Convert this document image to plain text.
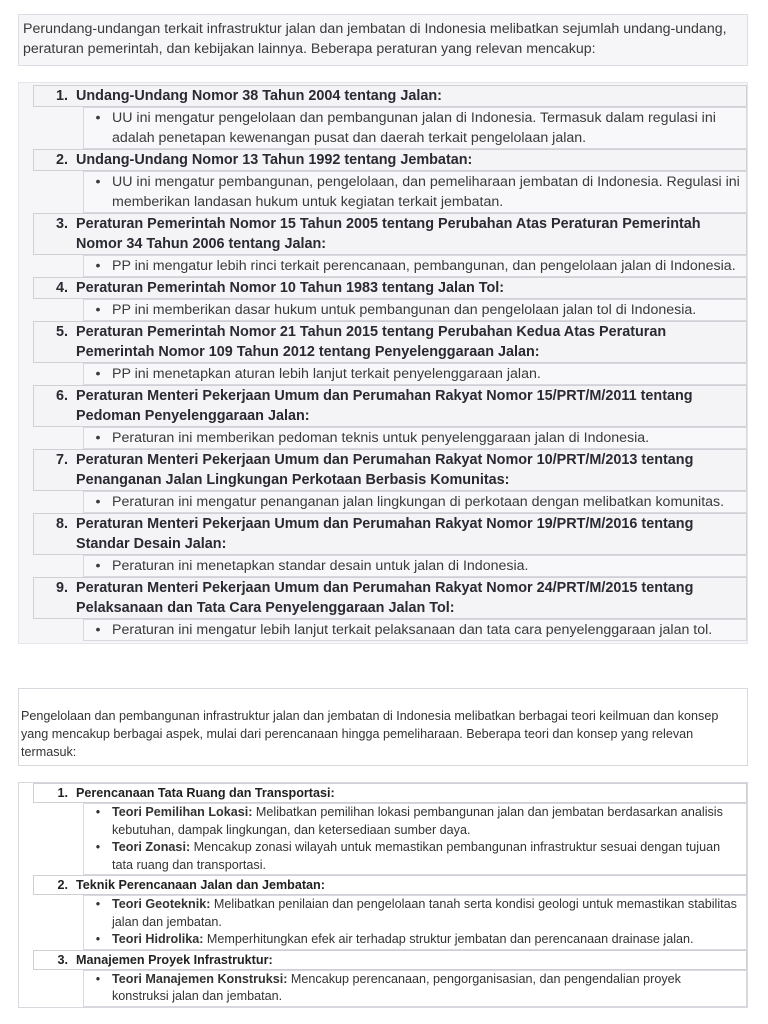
Perundang-undangan terkait infrastruktur jalan dan jembatan di Indonesia melibatkan sejumlah undang-undang, peraturan pemerintah, dan kebijakan lainnya. Beberapa peraturan yang relevan mencakup:
1. Undang-Undang Nomor 38 Tahun 2004 tentang Jalan:
• UU ini mengatur pengelolaan dan pembangunan jalan di Indonesia. Termasuk dalam regulasi ini adalah penetapan kewenangan pusat dan daerah terkait pengelolaan jalan.
2. Undang-Undang Nomor 13 Tahun 1992 tentang Jembatan:
• UU ini mengatur pembangunan, pengelolaan, dan pemeliharaan jembatan di Indonesia. Regulasi ini memberikan landasan hukum untuk kegiatan terkait jembatan.
3. Peraturan Pemerintah Nomor 15 Tahun 2005 tentang Perubahan Atas Peraturan Pemerintah Nomor 34 Tahun 2006 tentang Jalan:
• PP ini mengatur lebih rinci terkait perencanaan, pembangunan, dan pengelolaan jalan di Indonesia.
4. Peraturan Pemerintah Nomor 10 Tahun 1983 tentang Jalan Tol:
• PP ini memberikan dasar hukum untuk pembangunan dan pengelolaan jalan tol di Indonesia.
5. Peraturan Pemerintah Nomor 21 Tahun 2015 tentang Perubahan Kedua Atas Peraturan Pemerintah Nomor 109 Tahun 2012 tentang Penyelenggaraan Jalan:
• PP ini menetapkan aturan lebih lanjut terkait penyelenggaraan jalan.
6. Peraturan Menteri Pekerjaan Umum dan Perumahan Rakyat Nomor 15/PRT/M/2011 tentang Pedoman Penyelenggaraan Jalan:
• Peraturan ini memberikan pedoman teknis untuk penyelenggaraan jalan di Indonesia.
7. Peraturan Menteri Pekerjaan Umum dan Perumahan Rakyat Nomor 10/PRT/M/2013 tentang Penanganan Jalan Lingkungan Perkotaan Berbasis Komunitas:
• Peraturan ini mengatur penanganan jalan lingkungan di perkotaan dengan melibatkan komunitas.
8. Peraturan Menteri Pekerjaan Umum dan Perumahan Rakyat Nomor 19/PRT/M/2016 tentang Standar Desain Jalan:
• Peraturan ini menetapkan standar desain untuk jalan di Indonesia.
9. Peraturan Menteri Pekerjaan Umum dan Perumahan Rakyat Nomor 24/PRT/M/2015 tentang Pelaksanaan dan Tata Cara Penyelenggaraan Jalan Tol:
• Peraturan ini mengatur lebih lanjut terkait pelaksanaan dan tata cara penyelenggaraan jalan tol.
Pengelolaan dan pembangunan infrastruktur jalan dan jembatan di Indonesia melibatkan berbagai teori keilmuan dan konsep yang mencakup berbagai aspek, mulai dari perencanaan hingga pemeliharaan. Beberapa teori dan konsep yang relevan termasuk:
1. Perencanaan Tata Ruang dan Transportasi:
• Teori Pemilihan Lokasi: Melibatkan pemilihan lokasi pembangunan jalan dan jembatan berdasarkan analisis kebutuhan, dampak lingkungan, dan ketersediaan sumber daya.
• Teori Zonasi: Mencakup zonasi wilayah untuk memastikan pembangunan infrastruktur sesuai dengan tujuan tata ruang dan transportasi.
2. Teknik Perencanaan Jalan dan Jembatan:
• Teori Geoteknik: Melibatkan penilaian dan pengelolaan tanah serta kondisi geologi untuk memastikan stabilitas jalan dan jembatan.
• Teori Hidrolika: Memperhitungkan efek air terhadap struktur jembatan dan perencanaan drainase jalan.
3. Manajemen Proyek Infrastruktur:
• Teori Manajemen Konstruksi: Mencakup perencanaan, pengorganisasian, dan pengendalian proyek konstruksi jalan dan jembatan.
